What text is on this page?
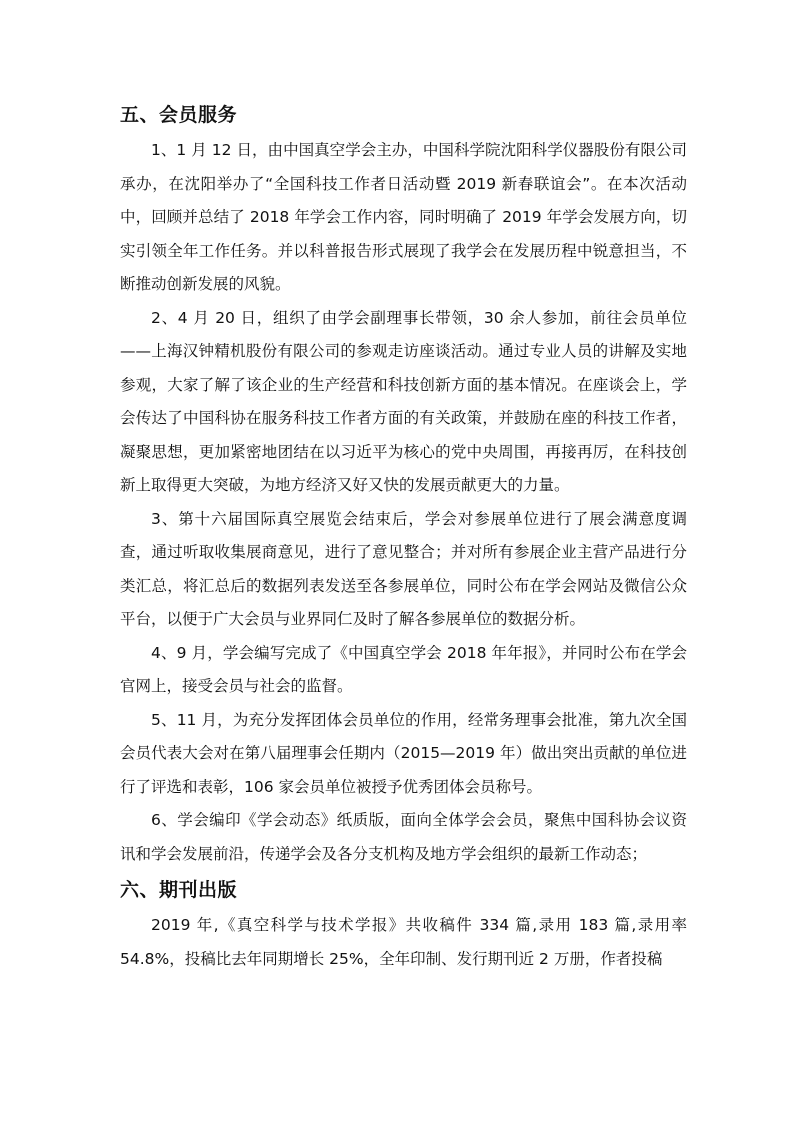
五、会员服务

1、1 月 12 日，由中国真空学会主办，中国科学院沈阳科学仪器股份有限公司承办，在沈阳举办了“全国科技工作者日活动暨 2019 新春联谊会”。在本次活动中，回顾并总结了 2018 年学会工作内容，同时明确了 2019 年学会发展方向，切实引领全年工作任务。并以科普报告形式展现了我学会在发展历程中锐意担当，不断推动创新发展的风貌。

2、4 月 20 日，组织了由学会副理事长带领，30 余人参加，前往会员单位——上海汉钟精机股份有限公司的参观走访座谈活动。通过专业人员的讲解及实地参观，大家了解了该企业的生产经营和科技创新方面的基本情况。在座谈会上，学会传达了中国科协在服务科技工作者方面的有关政策，并鼓励在座的科技工作者，凝聚思想，更加紧密地团结在以习近平为核心的党中央周围，再接再厉，在科技创新上取得更大突破，为地方经济又好又快的发展贡献更大的力量。

3、第十六届国际真空展览会结束后，学会对参展单位进行了展会满意度调查，通过听取收集展商意见，进行了意见整合；并对所有参展企业主营产品进行分类汇总，将汇总后的数据列表发送至各参展单位，同时公布在学会网站及微信公众平台，以便于广大会员与业界同仁及时了解各参展单位的数据分析。

4、9 月，学会编写完成了《中国真空学会 2018 年年报》，并同时公布在学会官网上，接受会员与社会的监督。

5、11 月，为充分发挥团体会员单位的作用，经常务理事会批准，第九次全国会员代表大会对在第八届理事会任期内（2015—2019 年）做出突出贡献的单位进行了评选和表彰，106 家会员单位被授予优秀团体会员称号。

6、学会编印《学会动态》纸质版，面向全体学会会员，聚焦中国科协会议资讯和学会发展前沿，传递学会及各分支机构及地方学会组织的最新工作动态；

六、期刊出版

2019 年,《真空科学与技术学报》共收稿件 334 篇,录用 183 篇,录用率 54.8%，投稿比去年同期增长 25%，全年印制、发行期刊近 2 万册，作者投稿
